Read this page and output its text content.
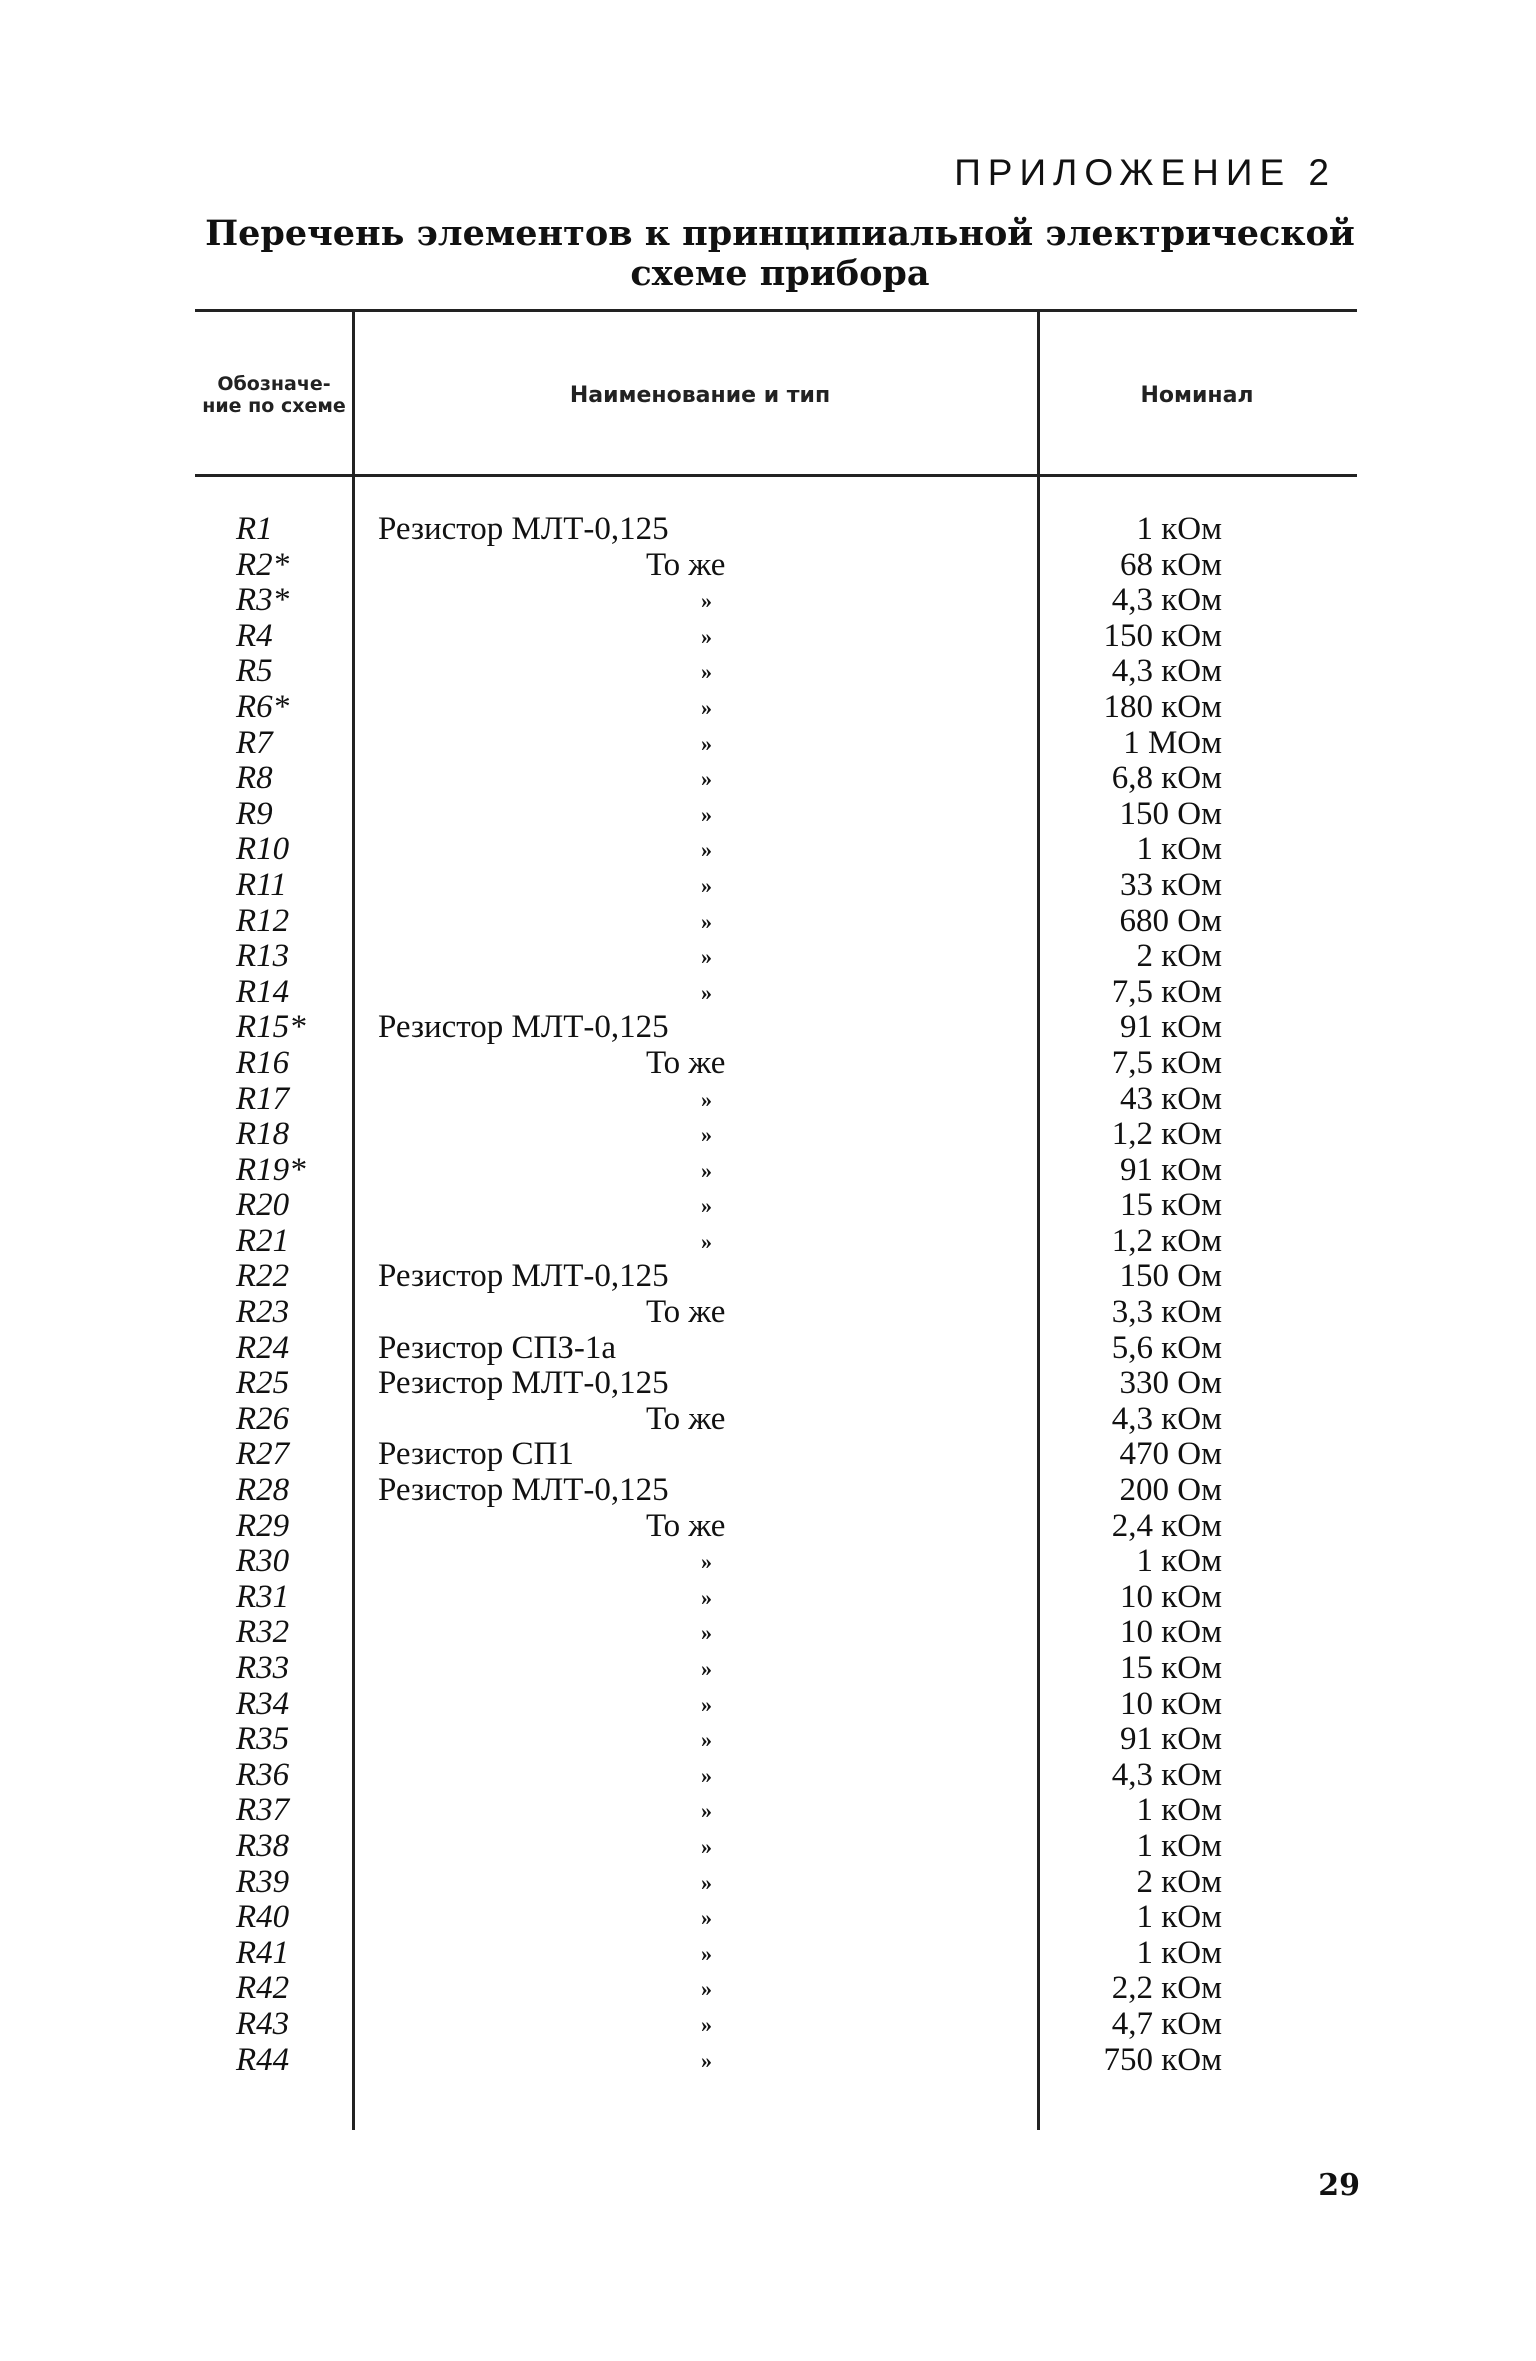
ПРИЛОЖЕНИЕ 2
Перечень элементов к принципиальной электрической
схеме прибора
Обозначе-ние по схеме	Наименование и тип	Номинал
R1	Резистор МЛТ-0,125	1 кОм
R2*	То же	68 кОм
R3*	»	4,3 кОм
R4	»	150 кОм
R5	»	4,3 кОм
R6*	»	180 кОм
R7	»	1 МОм
R8	»	6,8 кОм
R9	»	150 Ом
R10	»	1 кОм
R11	»	33 кОм
R12	»	680 Ом
R13	»	2 кОм
R14	»	7,5 кОм
R15* Резистор МЛТ-0,125	91 кОм
R16	То же	7,5 кОм
R17	»	43 кОм
R18	»	1,2 кОм
R19*	»	91 кОм
R20	»	15 кОм
R21	»	1,2 кОм
R22	Резистор МЛТ-0,125	150 Ом
R23	То же	3,3 кОм
R24	Резистор СПЗ-1а	5,6 кОм
R25	Резистор МЛТ-0,125	330 Ом
R26	То же	4,3 кОм
R27	Резистор СП1	470 Ом
R28	Резистор МЛТ-0,125	200 Ом
R29	То же	2,4 кОм
R30	»	1 кОм
R31	»	10 кОм
R32	»	10 кОм
R33	»	15 кОм
R34	»	10 кОм
R35	»	91 кОм
R36	»	4,3 кОм
R37	»	1 кОм
R38	»	1 кОм
R39	»	2 кОм
R40	»	1 кОм
R41	»	1 кОм
R42	»	2,2 кОм
R43	»	4,7 кОм
R44	»	750 кОм
29
